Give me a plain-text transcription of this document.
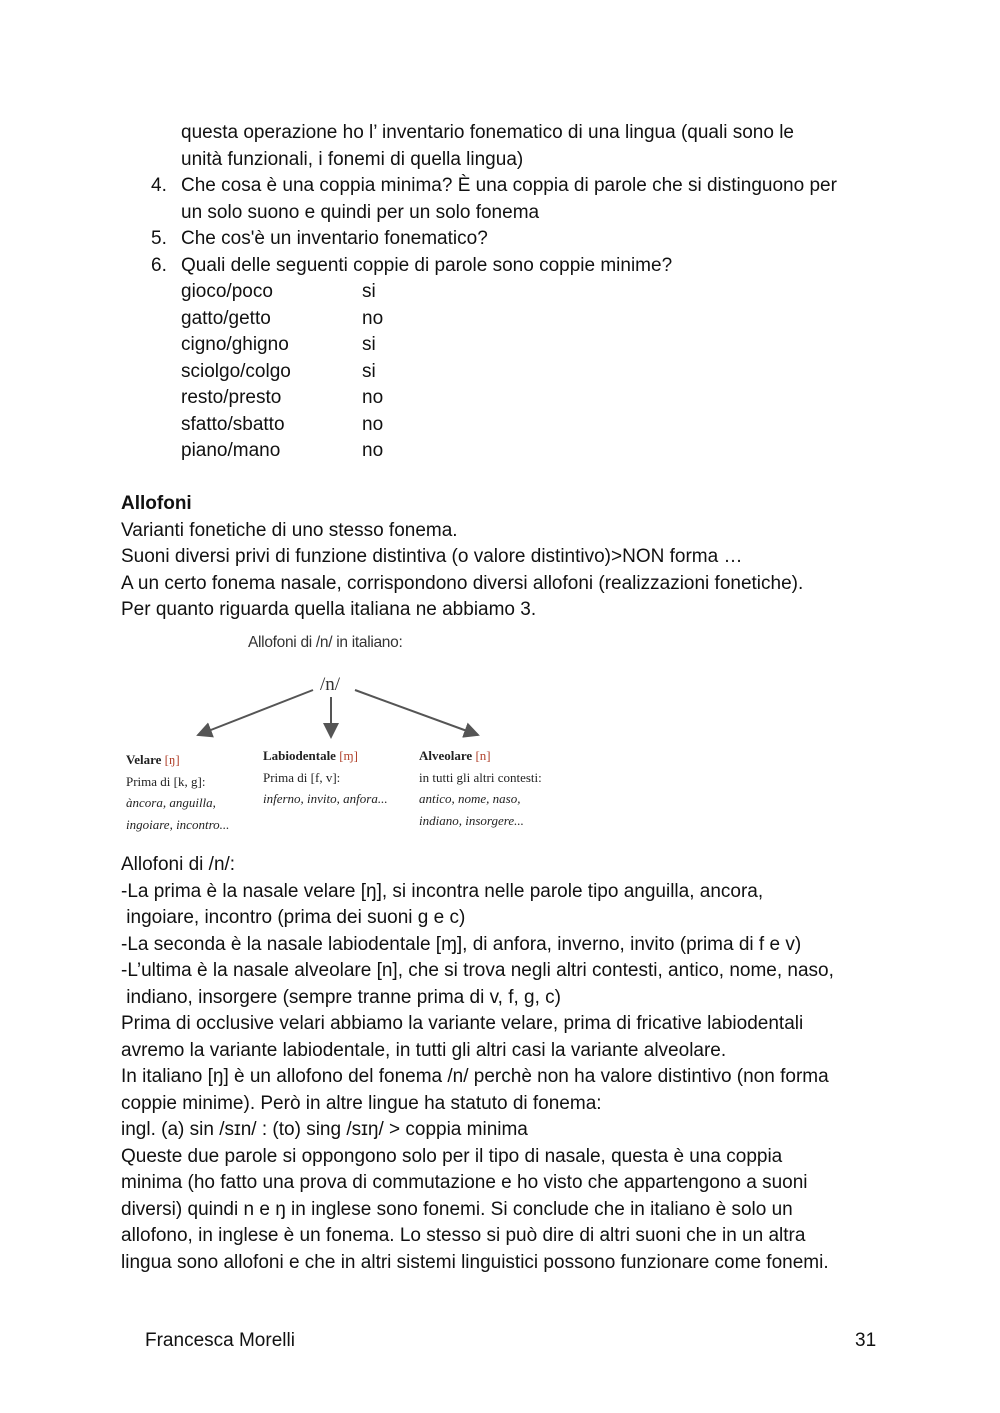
questa operazione ho l’ inventario fonematico di una lingua (quali sono le
unità funzionali, i fonemi di quella lingua)
4. Che cosa è una coppia minima? È una coppia di parole che si distinguono per
un solo suono e quindi per un solo fonema
5. Che cos'è un inventario fonematico?
6. Quali delle seguenti coppie di parole sono coppie minime?
gioco/poco	si
gatto/getto	no
cigno/ghigno	si
sciolgo/colgo	si
resto/presto	no
sfatto/sbatto	no
piano/mano	no
Allofoni
Varianti fonetiche di uno stesso fonema.
Suoni diversi privi di funzione distintiva (o valore distintivo)>NON forma …
A un certo fonema nasale, corrispondono diversi allofoni (realizzazioni fonetiche).
Per quanto riguarda quella italiana ne abbiamo 3.
Allofoni di /n/ in italiano:
/n/
Velare [ŋ]
Prima di [k, g]:
àncora, anguilla,
ingoiare, incontro...
Labiodentale [ɱ]
Prima di [f, v]:
inferno, invito, anfora...
Alveolare [n]
in tutti gli altri contesti:
antico, nome, naso,
indiano, insorgere...
Allofoni di /n/:
-La prima è la nasale velare [ŋ], si incontra nelle parole tipo anguilla, ancora,
ingoiare, incontro (prima dei suoni g e c)
-La seconda è la nasale labiodentale [ɱ], di anfora, inverno, invito (prima di f e v)
-L’ultima è la nasale alveolare [n], che si trova negli altri contesti, antico, nome, naso,
indiano, insorgere (sempre tranne prima di v, f, g, c)
Prima di occlusive velari abbiamo la variante velare, prima di fricative labiodentali
avremo la variante labiodentale, in tutti gli altri casi la variante alveolare.
In italiano [ŋ] è un allofono del fonema /n/ perchè non ha valore distintivo (non forma
coppie minime). Però in altre lingue ha statuto di fonema:
ingl. (a) sin /sɪn/ : (to) sing /sɪŋ/ > coppia minima
Queste due parole si oppongono solo per il tipo di nasale, questa è una coppia
minima (ho fatto una prova di commutazione e ho visto che appartengono a suoni
diversi) quindi n e ŋ in inglese sono fonemi. Si conclude che in italiano è solo un
allofono, in inglese è un fonema. Lo stesso si può dire di altri suoni che in un altra
lingua sono allofoni e che in altri sistemi linguistici possono funzionare come fonemi.
Francesca Morelli	31
